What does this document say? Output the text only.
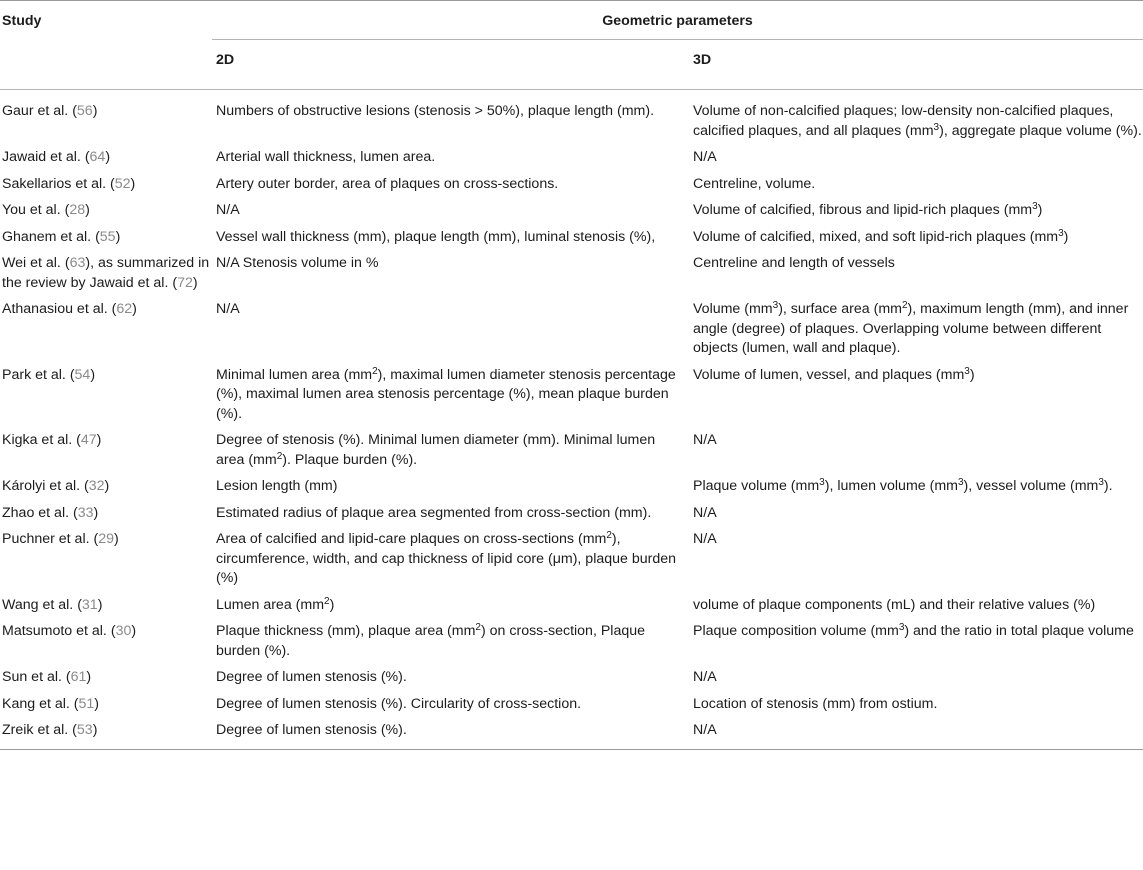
Study	Geometric parameters	
	2D	3D
Gaur et al. (56)	Numbers of obstructive lesions (stenosis > 50%), plaque length (mm).	Volume of non-calcified plaques; low-density non-calcified plaques, calcified plaques, and all plaques $(mm^3)$, aggregate plaque volume (%).
Jawaid et al. (64)	Arterial wall thickness, lumen area.	N/A
Sakellarios et al. (52)	Artery outer border, area of plaques on cross-sections.	Centreline, volume.
You et al. (28)	N/A	Volume of calcified, fibrous and lipid-rich plaques $(mm^3)$
Ghanem et al. (55)	Vessel wall thickness (mm), plaque length (mm), luminal stenosis (%),	Volume of calcified, mixed, and soft lipid-rich plaques $(mm^3)$
Wei et al. (63), as summarized in the review by Jawaid et al. (72)	N/A Stenosis volume in %	Centreline and length of vessels
Athanasiou et al. (62)	N/A	Volume $(mm^3)$, surface area $(mm^2)$, maximum length (mm), and inner angle (degree) of plaques. Overlapping volume between different objects (lumen, wall and plaque).
Park et al. (54)	Minimal lumen area $(mm^2)$, maximal lumen diameter stenosis percentage (%), maximal lumen area stenosis percentage (%), mean plaque burden (%).	Volume of lumen, vessel, and plaques $(mm^3)$
Kigka et al. (47)	Degree of stenosis (%). Minimal lumen diameter (mm). Minimal lumen area $(mm^2)$. Plaque burden (%).	N/A
Károlyi et al. (32)	Lesion length (mm)	Plaque volume $(mm^3)$, lumen volume $(mm^3)$, vessel volume $(mm^3)$.
Zhao et al. (33)	Estimated radius of plaque area segmented from cross-section (mm).	N/A
Puchner et al. (29)	Area of calcified and lipid-care plaques on cross-sections $(mm^2)$, circumference, width, and cap thickness of lipid core (μm), plaque burden (%)	N/A
Wang et al. (31)	Lumen area $(mm^2)$	volume of plaque components (mL) and their relative values (%)
Matsumoto et al. (30)	Plaque thickness (mm), plaque area $(mm^2)$ on cross-section, Plaque burden (%).	Plaque composition volume $(mm^3)$ and the ratio in total plaque volume
Sun et al. (61)	Degree of lumen stenosis (%).	N/A
Kang et al. (51)	Degree of lumen stenosis (%). Circularity of cross-section.	Location of stenosis (mm) from ostium.
Zreik et al. (53)	Degree of lumen stenosis (%).	N/A
